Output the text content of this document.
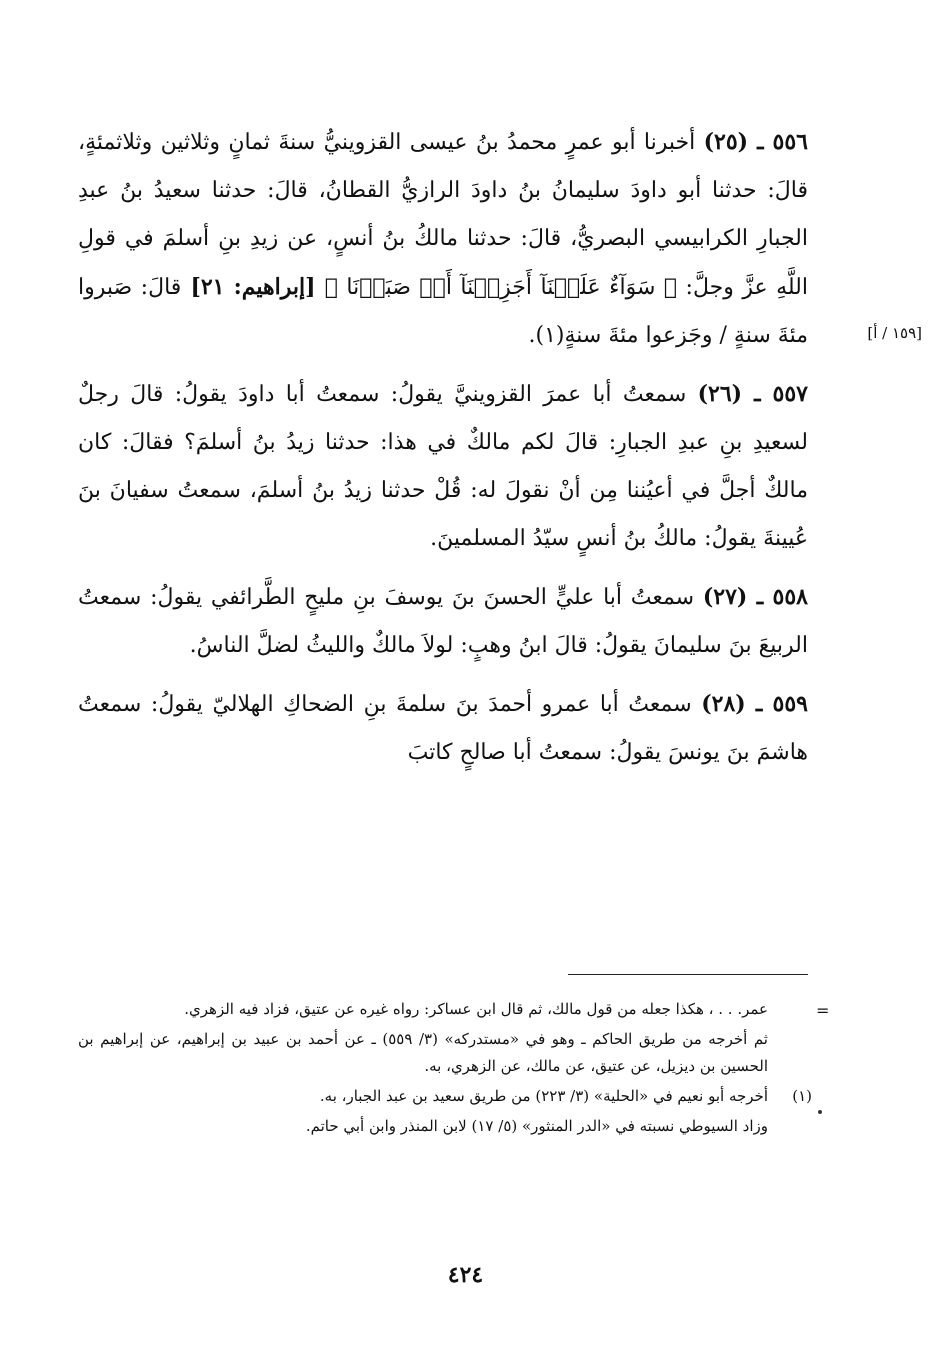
٥٥٦ ـ (٢٥) أخبرنا أبو عمرٍ محمدُ بنُ عيسى القزوينيُّ سنةَ ثمانٍ وثلاثين وثلاثمئةٍ، قالَ: حدثنا أبو داودَ سليمانُ بنُ داودَ الرازيُّ القطانُ، قالَ: حدثنا سعيدُ بنُ عبدِ الجبارِ الكرابيسي البصريُّ، قالَ: حدثنا مالكُ بنُ أنسٍ، عن زيدِ بنِ أسلمَ في قولِ اللَّهِ عزَّ وجلَّ: ﴿ سَوَآءٌ عَلَيۡنَآ أَجَزِعۡنَآ أَمۡ صَبَرۡنَا ﴾ [إبراهيم: ٢١] قالَ: صَبروا مئةَ سنةٍ / وجَزعوا مئةَ سنةٍ(١).

٥٥٧ ـ (٢٦) سمعتُ أبا عمرَ القزوينيَّ يقولُ: سمعتُ أبا داودَ يقولُ: قالَ رجلٌ لسعيدِ بنِ عبدِ الجبارِ: قالَ لكم مالكٌ في هذا: حدثنا زيدُ بنُ أسلمَ؟ فقالَ: كان مالكٌ أجلَّ في أعيُننا مِن أنْ نقولَ له: قُلْ حدثنا زيدُ بنُ أسلمَ، سمعتُ سفيانَ بنَ عُيينةَ يقولُ: مالكُ بنُ أنسٍ سيّدُ المسلمينَ.

٥٥٨ ـ (٢٧) سمعتُ أبا عليٍّ الحسنَ بنَ يوسفَ بنِ مليحٍ الطَّرائفي يقولُ: سمعتُ الربيعَ بنَ سليمانَ يقولُ: قالَ ابنُ وهبٍ: لولاَ مالكٌ والليثُ لضلَّ الناسُ.

٥٥٩ ـ (٢٨) سمعتُ أبا عمرو أحمدَ بنَ سلمةَ بنِ الضحاكِ الهلاليّ يقولُ: سمعتُ هاشمَ بنَ يونسَ يقولُ: سمعتُ أبا صالحٍ كاتبَ

[١٥٩ / أ]
=

عمر. . . ، هكذا جعله من قول مالك، ثم قال ابن عساكر: رواه غيره عن عتيق، فزاد فيه الزهري.

ثم أخرجه من طريق الحاكم ـ وهو في «مستدركه» (٣/ ٥٥٩) ـ عن أحمد بن عبيد بن إبراهيم، عن إبراهيم بن الحسين بن ديزيل، عن عتيق، عن مالك، عن الزهري، به.

(١)
أخرجه أبو نعيم في «الحلية» (٣/ ٢٢٣) من طريق سعيد بن عبد الجبار، به.

وزاد السيوطي نسبته في «الدر المنثور» (٥/ ١٧) لابن المنذر وابن أبي حاتم.

٤٢٤
